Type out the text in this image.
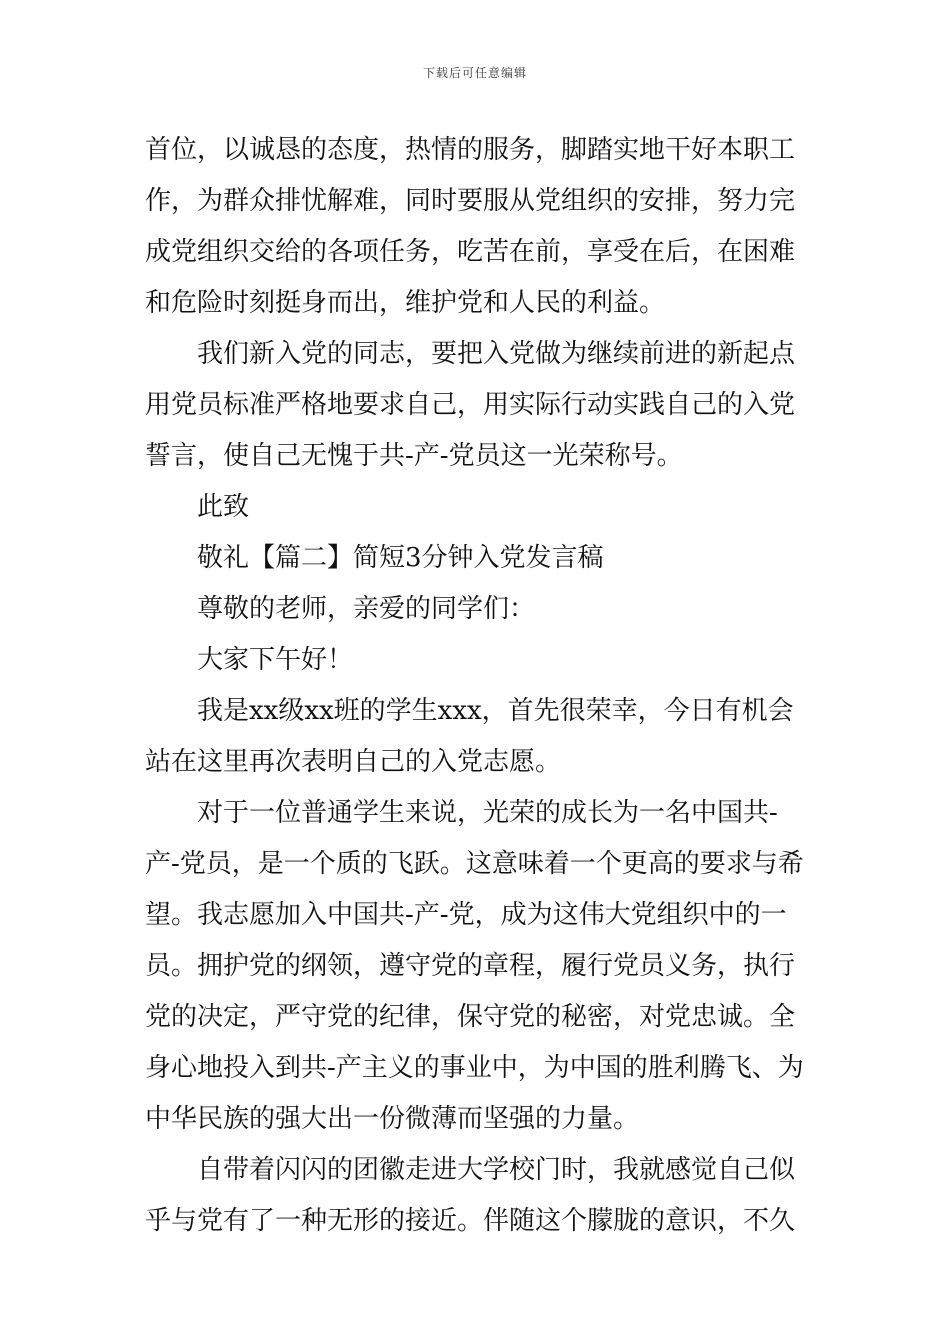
下载后可任意编辑
首位，以诚恳的态度，热情的服务，脚踏实地干好本职工
作，为群众排忧解难，同时要服从党组织的安排，努力完
成党组织交给的各项任务，吃苦在前，享受在后，在困难
和危险时刻挺身而出，维护党和人民的利益。
我们新入党的同志，要把入党做为继续前进的新起点
用党员标准严格地要求自己，用实际行动实践自己的入党
誓言，使自己无愧于共-产-党员这一光荣称号。
此致
敬礼【篇二】简短3分钟入党发言稿
尊敬的老师，亲爱的同学们：
大家下午好！
我是xx级xx班的学生xxx，首先很荣幸，今日有机会
站在这里再次表明自己的入党志愿。
对于一位普通学生来说，光荣的成长为一名中国共-
产-党员，是一个质的飞跃。这意味着一个更高的要求与希
望。我志愿加入中国共-产-党，成为这伟大党组织中的一
员。拥护党的纲领，遵守党的章程，履行党员义务，执行
党的决定，严守党的纪律，保守党的秘密，对党忠诚。全
身心地投入到共-产主义的事业中，为中国的胜利腾飞、为
中华民族的强大出一份微薄而坚强的力量。
自带着闪闪的团徽走进大学校门时，我就感觉自己似
乎与党有了一种无形的接近。伴随这个朦胧的意识，不久
